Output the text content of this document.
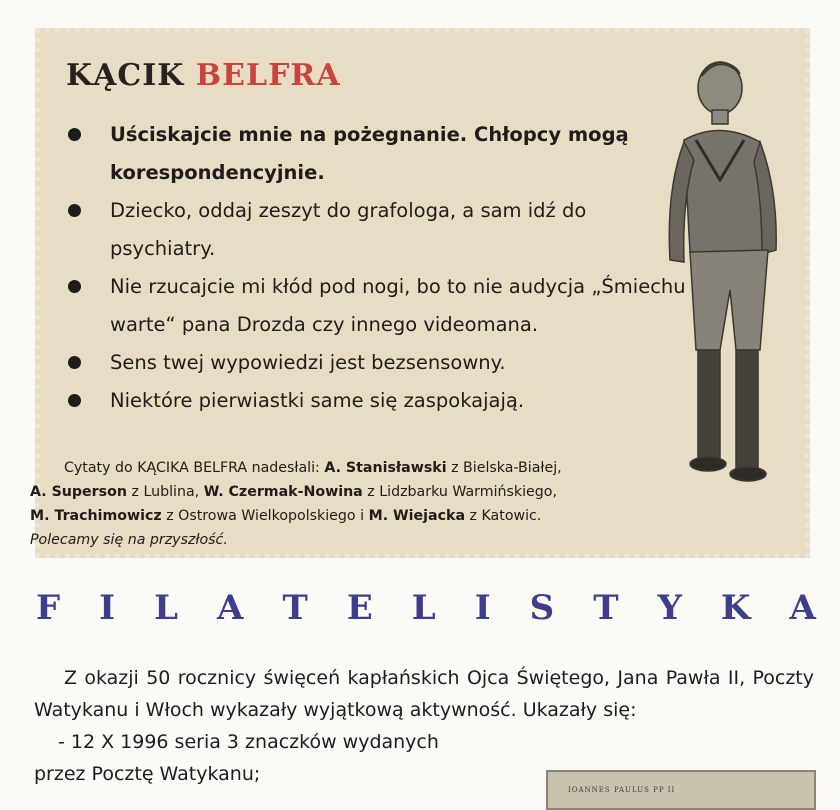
KĄCIK BELFRA
Uściskajcie mnie na pożegnanie. Chłopcy mogą korespondencyjnie.
Dziecko, oddaj zeszyt do grafologa, a sam idź do psychiatry.
Nie rzucajcie mi kłód pod nogi, bo to nie audycja „Śmiechu warte“ pana Drozda czy innego videomana.
Sens twej wypowiedzi jest bezsensowny.
Niektóre pierwiastki same się zaspokajają.
Cytaty do KĄCIKA BELFRA nadesłali: A. Stanisławski z Bielska-Białej,
A. Superson z Lublina, W. Czermak-Nowina z Lidzbarku Warmińskiego,
M. Trachimowicz z Ostrowa Wielkopolskiego i M. Wiejacka z Katowic.
Polecamy się na przyszłość.
F I L A T E L I S T Y K A
Z okazji 50 rocznicy święceń kapłańskich Ojca Świętego, Jana Pawła II, Poczty Watykanu i Włoch wykazały wyjątkową aktywność. Ukazały się:
- 12 X 1996 seria 3 znaczków wydanych
przez Pocztę Watykanu;
IOANNES PAULUS PP II
